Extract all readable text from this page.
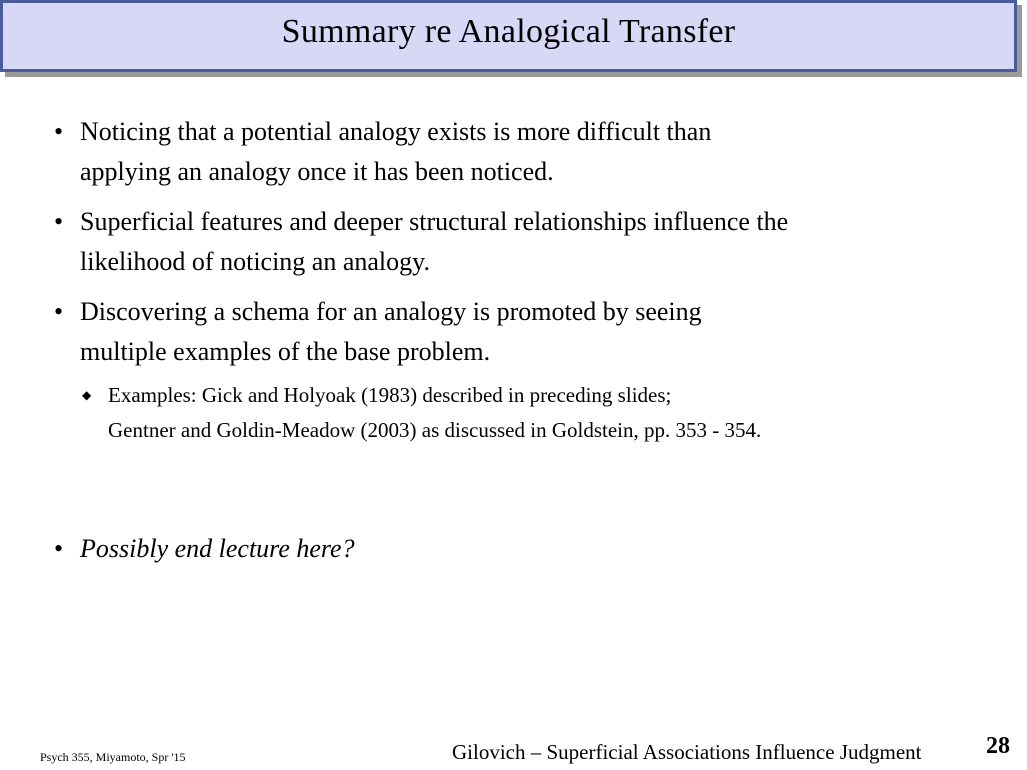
Summary re Analogical Transfer
• Noticing that a potential analogy exists is more difficult than
applying an analogy once it has been noticed.
• Superficial features and deeper structural relationships influence the
likelihood of noticing an analogy.
• Discovering a schema for an analogy is promoted by seeing
multiple examples of the base problem.
◆ Examples: Gick and Holyoak (1983) described in preceding slides;
Gentner and Goldin-Meadow (2003) as discussed in Goldstein, pp. 353 - 354.
• Possibly end lecture here?
Psych 355, Miyamoto, Spr '15	Gilovich – Superficial Associations Influence Judgment	28
